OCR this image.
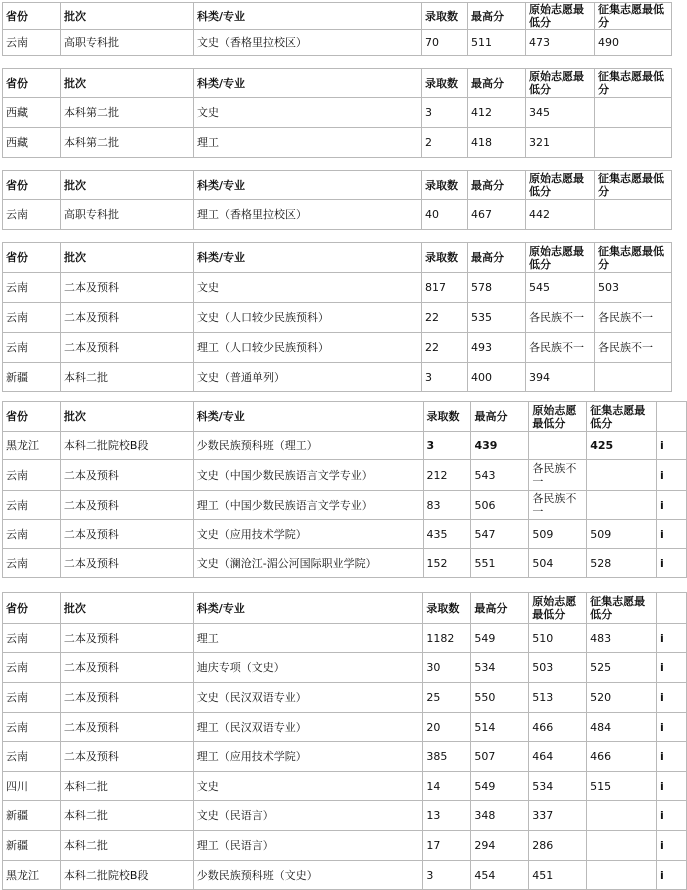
省份	批次	科类/专业	录取数	最高分	原始志愿最低分	征集志愿最低分
云南	高职专科批	文史（香格里拉校区）	70	511	473	490
省份	批次	科类/专业	录取数	最高分	原始志愿最低分	征集志愿最低分
西藏	本科第二批	文史	3	412	345	
西藏	本科第二批	理工	2	418	321	
省份	批次	科类/专业	录取数	最高分	原始志愿最低分	征集志愿最低分
云南	高职专科批	理工（香格里拉校区）	40	467	442	
省份	批次	科类/专业	录取数	最高分	原始志愿最低分	征集志愿最低分
云南	二本及预科	文史	817	578	545	503
云南	二本及预科	文史（人口较少民族预科）	22	535	各民族不一	各民族不一
云南	二本及预科	理工（人口较少民族预科）	22	493	各民族不一	各民族不一
新疆	本科二批	文史（普通单列）	3	400	394	
省份	批次	科类/专业	录取数	最高分	原始志愿最低分	征集志愿最低分	
黑龙江	本科二批院校B段	少数民族预科班（理工）	3	439		425	i
云南	二本及预科	文史（中国少数民族语言文学专业）	212	543	各民族不一		i
云南	二本及预科	理工（中国少数民族语言文学专业）	83	506	各民族不一		i
云南	二本及预科	文史（应用技术学院）	435	547	509	509	i
云南	二本及预科	文史（澜沧江-湄公河国际职业学院）	152	551	504	528	i
省份	批次	科类/专业	录取数	最高分	原始志愿最低分	征集志愿最低分	
云南	二本及预科	理工	1182	549	510	483	i
云南	二本及预科	迪庆专项（文史）	30	534	503	525	i
云南	二本及预科	文史（民汉双语专业）	25	550	513	520	i
云南	二本及预科	理工（民汉双语专业）	20	514	466	484	i
云南	二本及预科	理工（应用技术学院）	385	507	464	466	i
四川	本科二批	文史	14	549	534	515	i
新疆	本科二批	文史（民语言）	13	348	337		i
新疆	本科二批	理工（民语言）	17	294	286		i
黑龙江	本科二批院校B段	少数民族预科班（文史）	3	454	451		i
